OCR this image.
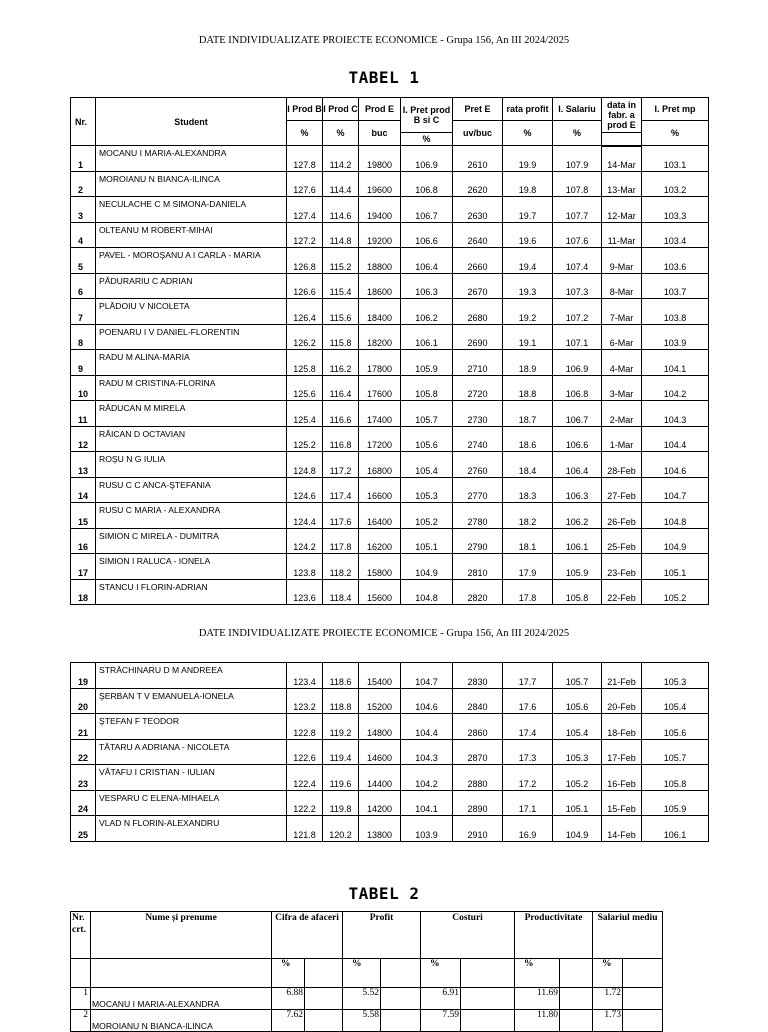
DATE INDIVIDUALIZATE PROIECTE ECONOMICE - Grupa 156, An III 2024/2025
TABEL 1
Nr.	Student	I Prod B	I Prod C	Prod E	I. Pret prod B si C	Pret E	rata profit	I. Salariu	data in fabr. a prod E	I. Pret mp
		%	%	buc		uv/buc	%	%		%
					%					
1	MOCANU I MARIA-ALEXANDRA	127.8	114.2	19800	106.9	2610	19.9	107.9	14-Mar	103.1
2	MOROIANU N BIANCA-ILINCA	127.6	114.4	19600	106.8	2620	19.8	107.8	13-Mar	103.2
3	NECULACHE C M SIMONA-DANIELA	127.4	114.6	19400	106.7	2630	19.7	107.7	12-Mar	103.3
4	OLTEANU M ROBERT-MIHAI	127.2	114.8	19200	106.6	2640	19.6	107.6	11-Mar	103.4
5	PAVEL - MOROŞANU A I CARLA - MARIA	126.8	115.2	18800	106.4	2660	19.4	107.4	9-Mar	103.6
6	PĂDURARIU C ADRIAN	126.6	115.4	18600	106.3	2670	19.3	107.3	8-Mar	103.7
7	PLĂDOIU V NICOLETA	126.4	115.6	18400	106.2	2680	19.2	107.2	7-Mar	103.8
8	POENARU I V DANIEL-FLORENTIN	126.2	115.8	18200	106.1	2690	19.1	107.1	6-Mar	103.9
9	RADU M ALINA-MARIA	125.8	116.2	17800	105.9	2710	18.9	106.9	4-Mar	104.1
10	RADU M CRISTINA-FLORINA	125.6	116.4	17600	105.8	2720	18.8	106.8	3-Mar	104.2
11	RĂDUCAN M MIRELA	125.4	116.6	17400	105.7	2730	18.7	106.7	2-Mar	104.3
12	RĂICAN D OCTAVIAN	125.2	116.8	17200	105.6	2740	18.6	106.6	1-Mar	104.4
13	ROŞU N G IULIA	124.8	117.2	16800	105.4	2760	18.4	106.4	28-Feb	104.6
14	RUSU C C ANCA-ŞTEFANIA	124.6	117.4	16600	105.3	2770	18.3	106.3	27-Feb	104.7
15	RUSU C MARIA - ALEXANDRA	124.4	117.6	16400	105.2	2780	18.2	106.2	26-Feb	104.8
16	SIMION C MIRELA - DUMITRA	124.2	117.8	16200	105.1	2790	18.1	106.1	25-Feb	104.9
17	SIMION I RALUCA - IONELA	123.8	118.2	15800	104.9	2810	17.9	105.9	23-Feb	105.1
18	STANCU I FLORIN-ADRIAN	123.6	118.4	15600	104.8	2820	17.8	105.8	22-Feb	105.2
DATE INDIVIDUALIZATE PROIECTE ECONOMICE - Grupa 156, An III 2024/2025
19	STRĂCHINARU D M ANDREEA	123.4	118.6	15400	104.7	2830	17.7	105.7	21-Feb	105.3
20	ŞERBAN T V EMANUELA-IONELA	123.2	118.8	15200	104.6	2840	17.6	105.6	20-Feb	105.4
21	ŞTEFAN F TEODOR	122.8	119.2	14800	104.4	2860	17.4	105.4	18-Feb	105.6
22	TĂTARU A ADRIANA - NICOLETA	122.6	119.4	14600	104.3	2870	17.3	105.3	17-Feb	105.7
23	VĂTAFU I CRISTIAN - IULIAN	122.4	119.6	14400	104.2	2880	17.2	105.2	16-Feb	105.8
24	VESPARU C ELENA-MIHAELA	122.2	119.8	14200	104.1	2890	17.1	105.1	15-Feb	105.9
25	VLAD N FLORIN-ALEXANDRU	121.8	120.2	13800	103.9	2910	16.9	104.9	14-Feb	106.1
TABEL 2
Nr. crt.	Nume și prenume	Cifra de afaceri		Profit		Costuri		Productivitate		Salariul mediu	
		%		%		%		%		%	
1	MOCANU I MARIA-ALEXANDRA	6.88		5.52		6.91		11.69		1.72	
2	MOROIANU N BIANCA-ILINCA	7.62		5.58		7.59		11.80		1.73	
